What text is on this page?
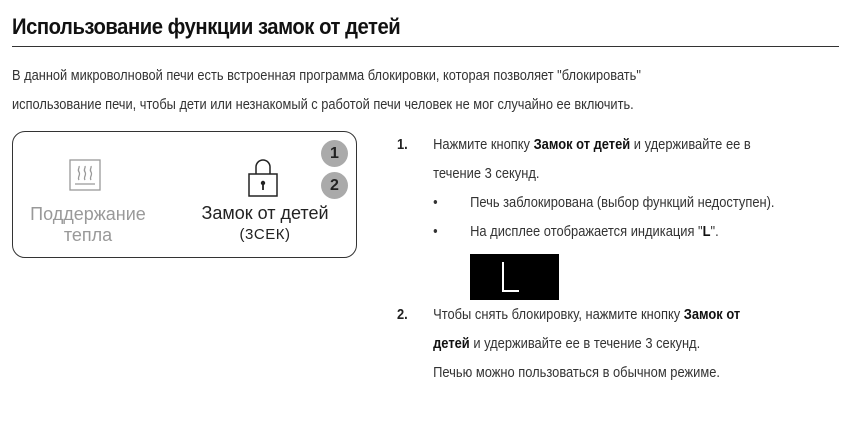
Использование функции замок от детей
В данной микроволновой печи есть встроенная программа блокировки, которая позволяет "блокировать"
использование печи, чтобы дети или незнакомый с работой печи человек не мог случайно ее включить.
Поддержание
тепла
Замок от детей
(3СЕК)
1
2
1. Нажмите кнопку Замок от детей и удерживайте ее в
течение 3 секунд.
• Печь заблокирована (выбор функций недоступен).
• На дисплее отображается индикация "L".
2. Чтобы снять блокировку, нажмите кнопку Замок от
детей и удерживайте ее в течение 3 секунд.
Печью можно пользоваться в обычном режиме.
